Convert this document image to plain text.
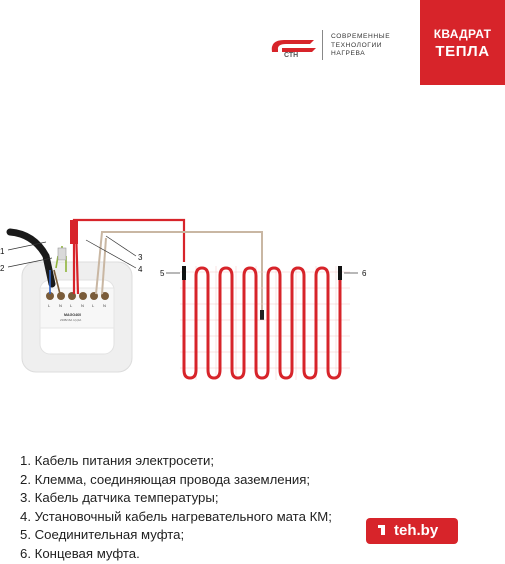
СТН
СОВРЕМЕННЫЕ
ТЕХНОЛОГИИ
НАГРЕВА
КВАДРАТ
ТЕПЛА
L N L N L N
MAGO460
230В/16А 1(x)4А
1
2
3
4 5	6
1. Кабель питания электросети;
2. Клемма, соединяющая провода заземления;
3. Кабель датчика температуры;
4. Установочный кабель нагревательного мата КМ;
5. Соединительная муфта;
6. Концевая муфта.
teh.by
